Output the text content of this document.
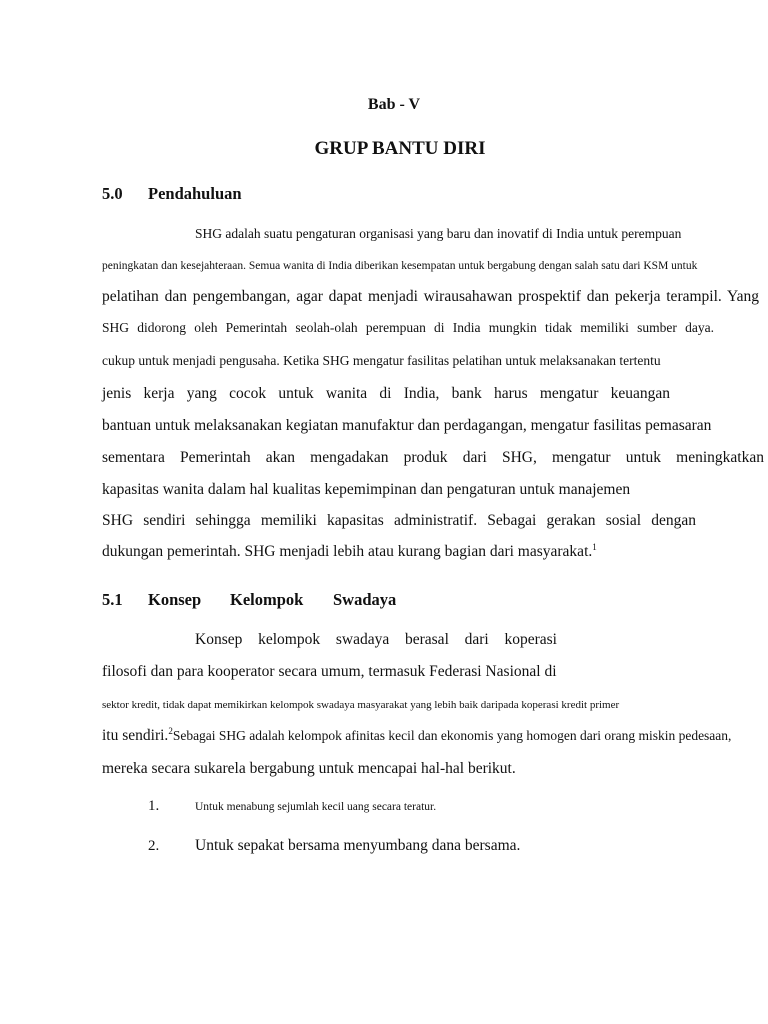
Bab - V
GRUP BANTU DIRI
5.0 Pendahuluan
SHG adalah suatu pengaturan organisasi yang baru dan inovatif di India untuk perempuan
peningkatan dan kesejahteraan. Semua wanita di India diberikan kesempatan untuk bergabung dengan salah satu dari KSM untuk
pelatihan dan pengembangan, agar dapat menjadi wirausahawan prospektif dan pekerja terampil. Yang
SHG didorong oleh Pemerintah seolah-olah perempuan di India mungkin tidak memiliki sumber daya.
cukup untuk menjadi pengusaha. Ketika SHG mengatur fasilitas pelatihan untuk melaksanakan tertentu
jenis kerja yang cocok untuk wanita di India, bank harus mengatur keuangan
bantuan untuk melaksanakan kegiatan manufaktur dan perdagangan, mengatur fasilitas pemasaran
sementara Pemerintah akan mengadakan produk dari SHG, mengatur untuk meningkatkan
kapasitas wanita dalam hal kualitas kepemimpinan dan pengaturan untuk manajemen
SHG sendiri sehingga memiliki kapasitas administratif. Sebagai gerakan sosial dengan
dukungan pemerintah. SHG menjadi lebih atau kurang bagian dari masyarakat.$^1$
5.1 Konsep Kelompok Swadaya
Konsep kelompok swadaya berasal dari koperasi
filosofi dan para kooperator secara umum, termasuk Federasi Nasional di
sektor kredit, tidak dapat memikirkan kelompok swadaya masyarakat yang lebih baik daripada koperasi kredit primer
itu sendiri.$^2$Sebagai SHG adalah kelompok afinitas kecil dan ekonomis yang homogen dari orang miskin pedesaan,
mereka secara sukarela bergabung untuk mencapai hal-hal berikut.
1.	Untuk menabung sejumlah kecil uang secara teratur.
2. Untuk sepakat bersama menyumbang dana bersama.
